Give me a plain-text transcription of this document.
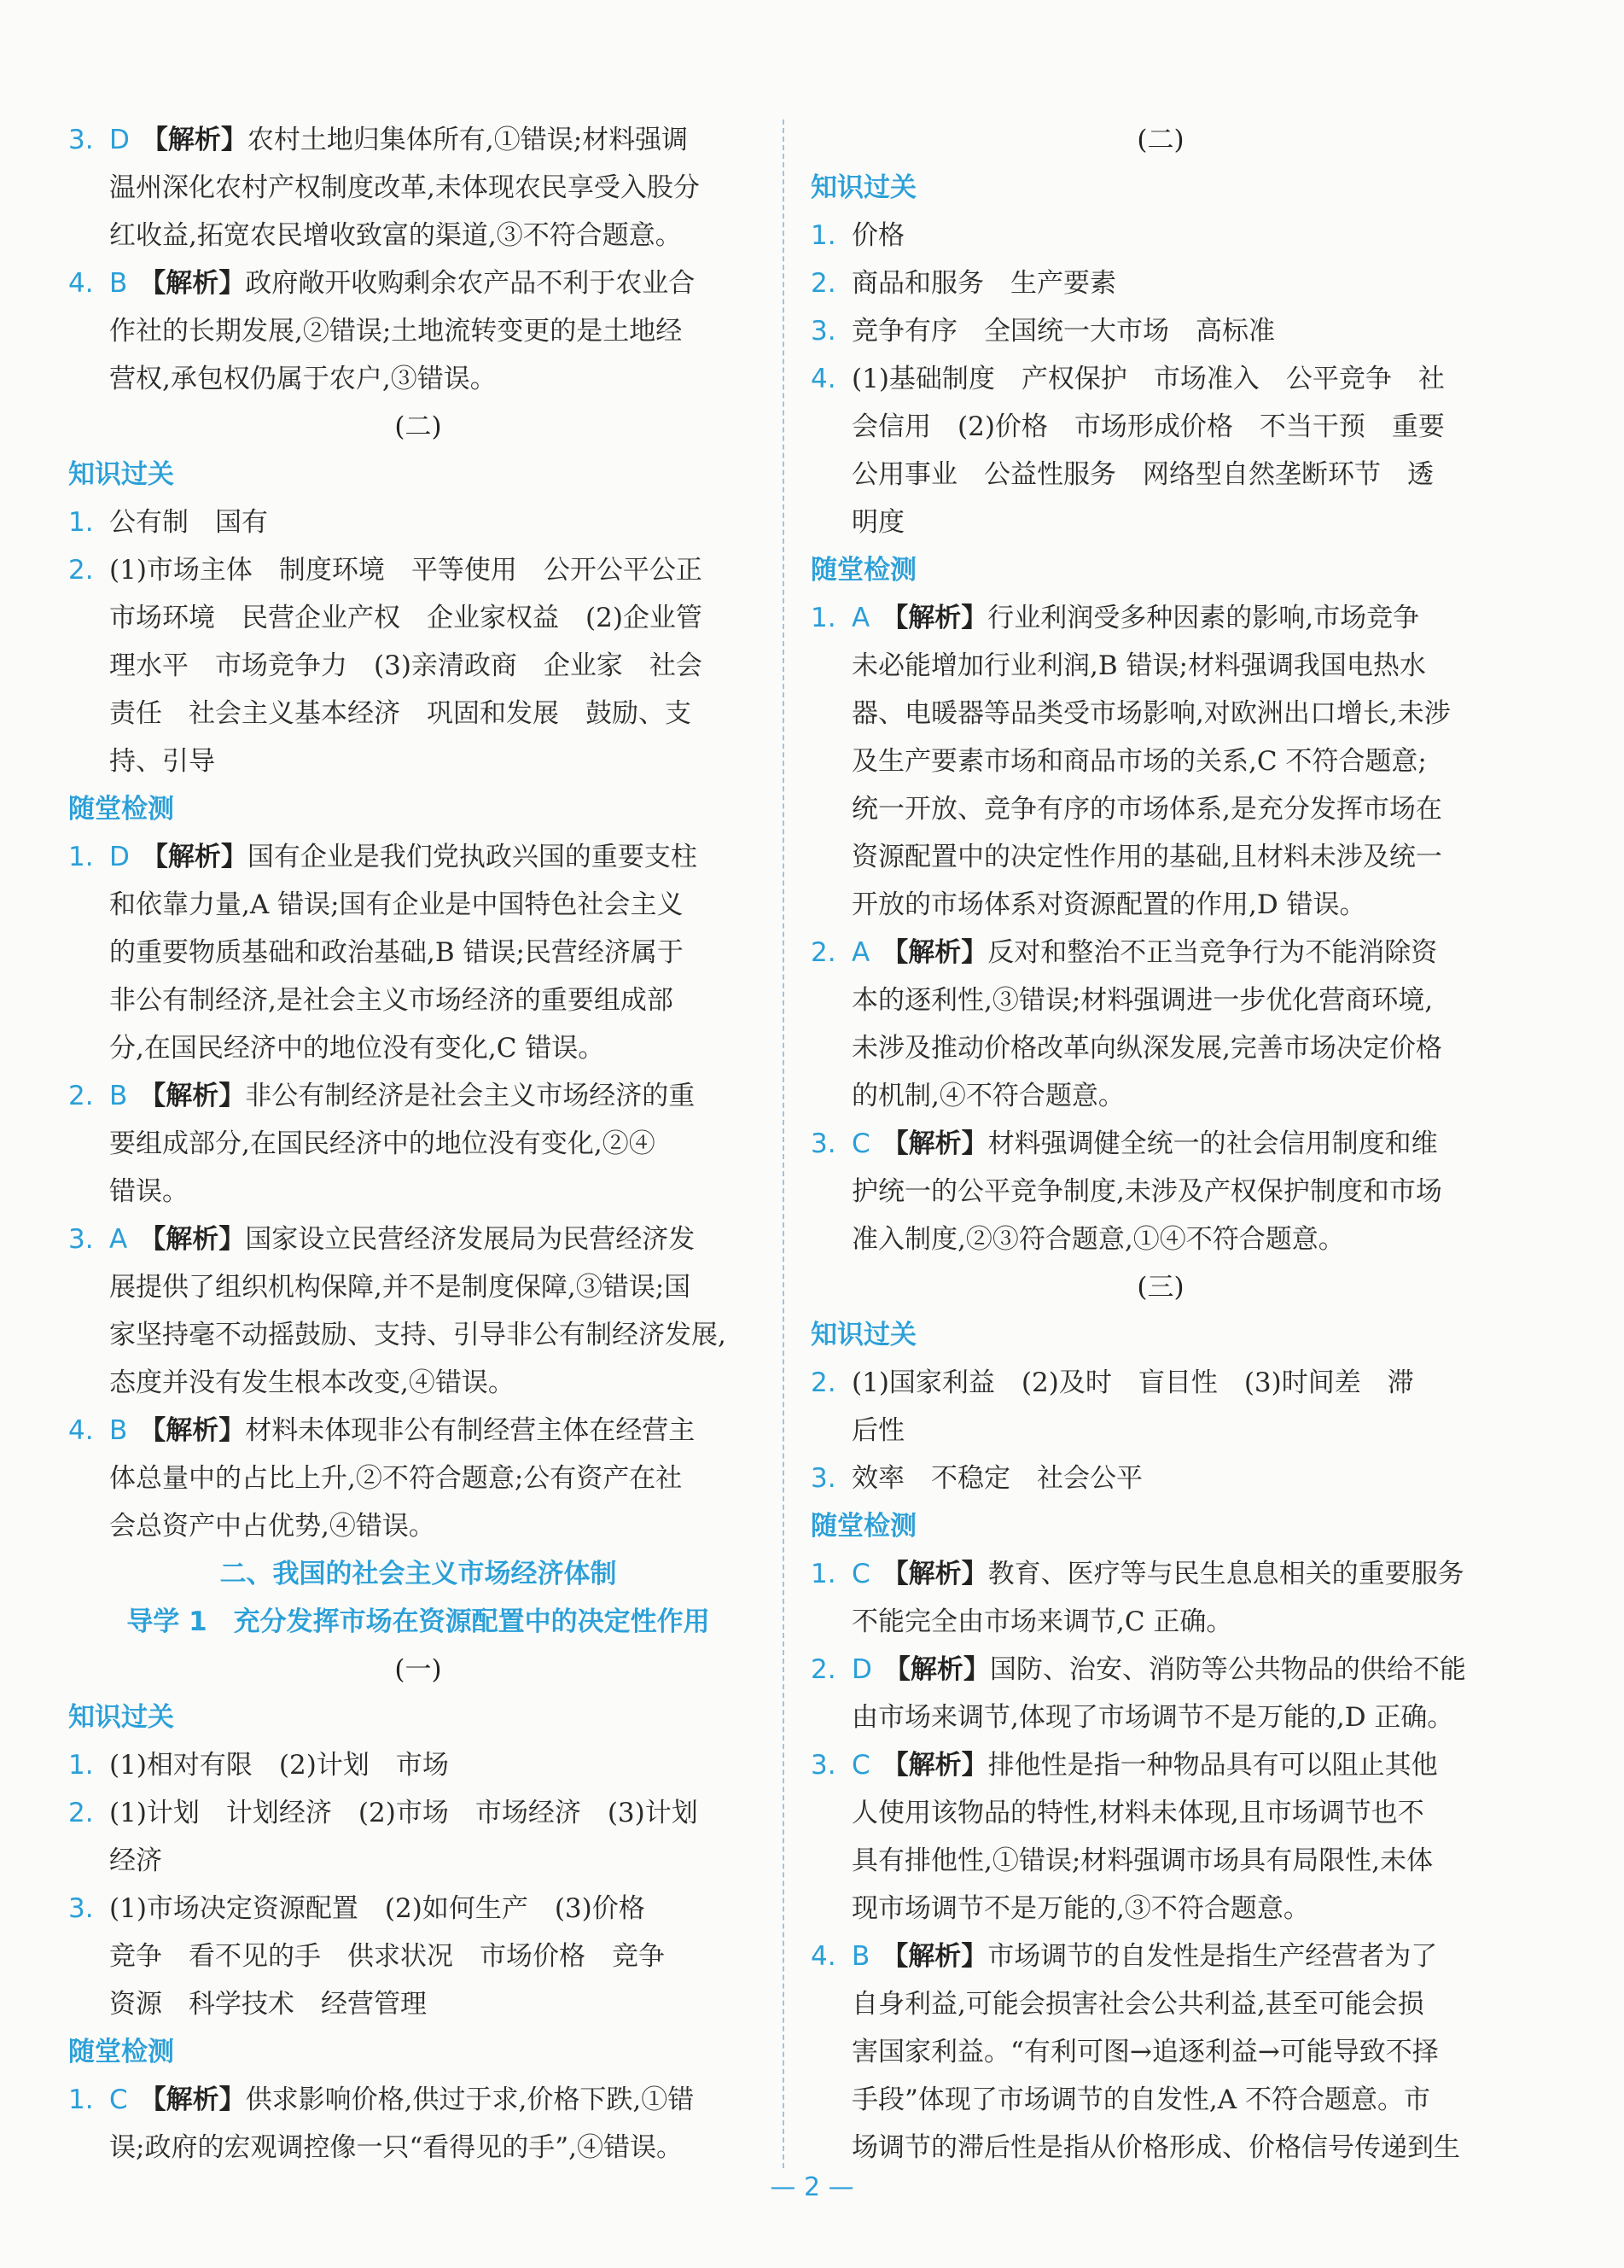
3. D 【解析】农村土地归集体所有,①错误;材料强调
温州深化农村产权制度改革,未体现农民享受入股分
红收益,拓宽农民增收致富的渠道,③不符合题意。
4. B 【解析】政府敞开收购剩余农产品不利于农业合
作社的长期发展,②错误;土地流转变更的是土地经
营权,承包权仍属于农户,③错误。
(二)
知识过关
1. 公有制　国有
2. (1)市场主体　制度环境　平等使用　公开公平公正
市场环境　民营企业产权　企业家权益　(2)企业管
理水平　市场竞争力　(3)亲清政商　企业家　社会
责任　社会主义基本经济　巩固和发展　鼓励、支
持、引导
随堂检测
1. D 【解析】国有企业是我们党执政兴国的重要支柱
和依靠力量,A 错误;国有企业是中国特色社会主义
的重要物质基础和政治基础,B 错误;民营经济属于
非公有制经济,是社会主义市场经济的重要组成部
分,在国民经济中的地位没有变化,C 错误。
2. B 【解析】非公有制经济是社会主义市场经济的重
要组成部分,在国民经济中的地位没有变化,②④
错误。
3. A 【解析】国家设立民营经济发展局为民营经济发
展提供了组织机构保障,并不是制度保障,③错误;国
家坚持毫不动摇鼓励、支持、引导非公有制经济发展,
态度并没有发生根本改变,④错误。
4. B 【解析】材料未体现非公有制经营主体在经营主
体总量中的占比上升,②不符合题意;公有资产在社
会总资产中占优势,④错误。
二、我国的社会主义市场经济体制
导学 1　充分发挥市场在资源配置中的决定性作用
(一)
知识过关
1. (1)相对有限　(2)计划　市场
2. (1)计划　计划经济　(2)市场　市场经济　(3)计划
经济
3. (1)市场决定资源配置　(2)如何生产　(3)价格
竞争　看不见的手　供求状况　市场价格　竞争
资源　科学技术　经营管理
随堂检测
1. C 【解析】供求影响价格,供过于求,价格下跌,①错
误;政府的宏观调控像一只“看得见的手”,④错误。
(二)
知识过关
1. 价格
2. 商品和服务　生产要素
3. 竞争有序　全国统一大市场　高标准
4. (1)基础制度　产权保护　市场准入　公平竞争　社
会信用　(2)价格　市场形成价格　不当干预　重要
公用事业　公益性服务　网络型自然垄断环节　透
明度
随堂检测
1. A 【解析】行业利润受多种因素的影响,市场竞争
未必能增加行业利润,B 错误;材料强调我国电热水
器、电暖器等品类受市场影响,对欧洲出口增长,未涉
及生产要素市场和商品市场的关系,C 不符合题意;
统一开放、竞争有序的市场体系,是充分发挥市场在
资源配置中的决定性作用的基础,且材料未涉及统一
开放的市场体系对资源配置的作用,D 错误。
2. A 【解析】反对和整治不正当竞争行为不能消除资
本的逐利性,③错误;材料强调进一步优化营商环境,
未涉及推动价格改革向纵深发展,完善市场决定价格
的机制,④不符合题意。
3. C 【解析】材料强调健全统一的社会信用制度和维
护统一的公平竞争制度,未涉及产权保护制度和市场
准入制度,②③符合题意,①④不符合题意。
(三)
知识过关
2. (1)国家利益　(2)及时　盲目性　(3)时间差　滞
后性
3. 效率　不稳定　社会公平
随堂检测
1. C 【解析】教育、医疗等与民生息息相关的重要服务
不能完全由市场来调节,C 正确。
2. D 【解析】国防、治安、消防等公共物品的供给不能
由市场来调节,体现了市场调节不是万能的,D 正确。
3. C 【解析】排他性是指一种物品具有可以阻止其他
人使用该物品的特性,材料未体现,且市场调节也不
具有排他性,①错误;材料强调市场具有局限性,未体
现市场调节不是万能的,③不符合题意。
4. B 【解析】市场调节的自发性是指生产经营者为了
自身利益,可能会损害社会公共利益,甚至可能会损
害国家利益。“有利可图→追逐利益→可能导致不择
手段”体现了市场调节的自发性,A 不符合题意。市
场调节的滞后性是指从价格形成、价格信号传递到生
— 2 —
